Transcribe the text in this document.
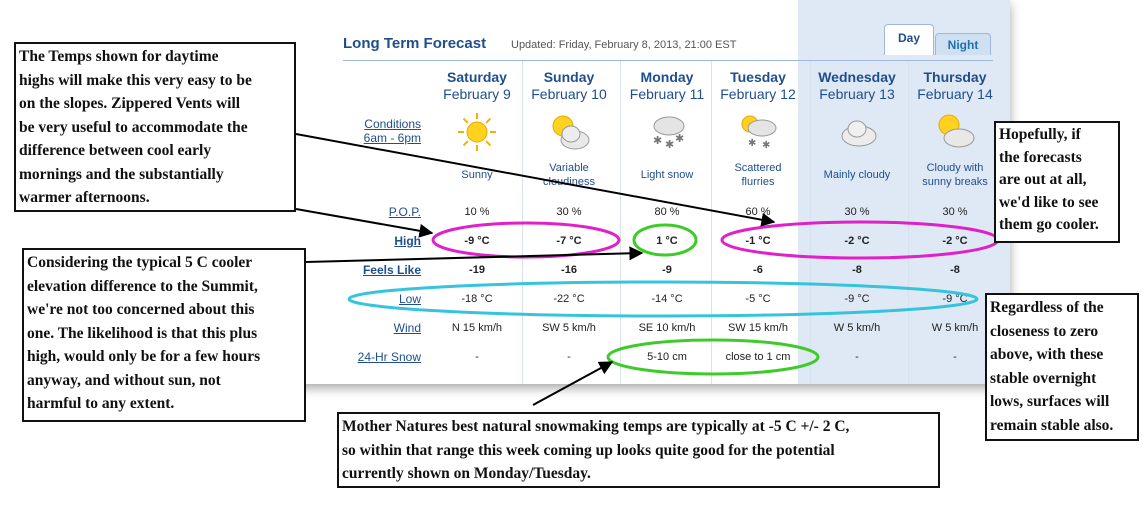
Long Term Forecast Updated: Friday, February 8, 2013, 21:00 EST	Day	Night
Conditions
6am - 6pm
P.O.P.
High
Feels Like
Low
Wind
24-Hr Snow
Saturday
February 9
Sunny
10 %
-9 °C
-19
-18 °C
N 15 km/h
-
Sunday
February 10
Variable
cloudiness
30 %
-7 °C
-16
-22 °C
SW 5 km/h
-
Monday
February 11
✱ ✱ ✱
Light snow
80 %
1 °C
-9
-14 °C
SE 10 km/h
5-10 cm
Tuesday
February 12
✱ ✱
Scattered
flurries
60 %
-1 °C
-6
-5 °C
SW 15 km/h
close to 1 cm
Wednesday
February 13
Mainly cloudy
30 %
-2 °C
-8
-9 °C
W 5 km/h
-
Thursday
February 14
Cloudy with
sunny breaks
30 %
-2 °C
-8
-9 °C
W 5 km/h
-
The Temps shown for daytime
highs will make this very easy to be
on the slopes. Zippered Vents will
be very useful to accommodate the
difference between cool early
mornings and the substantially
warmer afternoons.
Considering the typical 5 C cooler
elevation difference to the Summit,
we're not too concerned about this
one. The likelihood is that this plus
high, would only be for a few hours
anyway, and without sun, not
harmful to any extent.
Hopefully, if
the forecasts
are out at all,
we'd like to see
them go cooler.
Regardless of the
closeness to zero
above, with these
stable overnight
lows, surfaces will
remain stable also.
Mother Natures best natural snowmaking temps are typically at -5 C +/- 2 C,
so within that range this week coming up looks quite good for the potential
currently shown on Monday/Tuesday.
